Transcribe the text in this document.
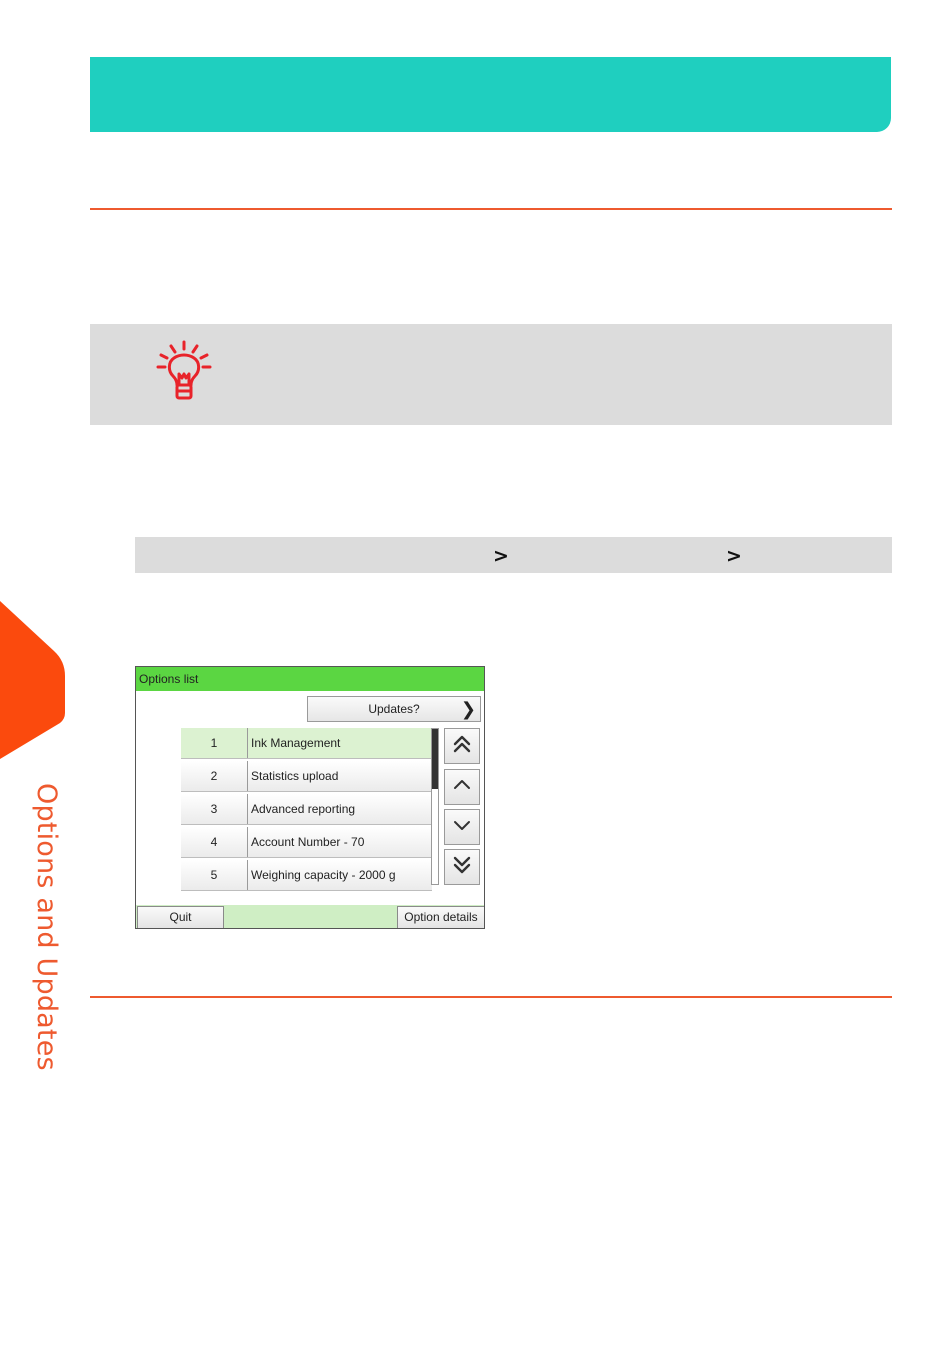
>	>
Options list
Updates? ❯
1	Ink Management
2	Statistics upload
3	Advanced reporting
4	Account Number - 70
5	Weighing capacity - 2000 g
Quit	Option details
Options and Updates
